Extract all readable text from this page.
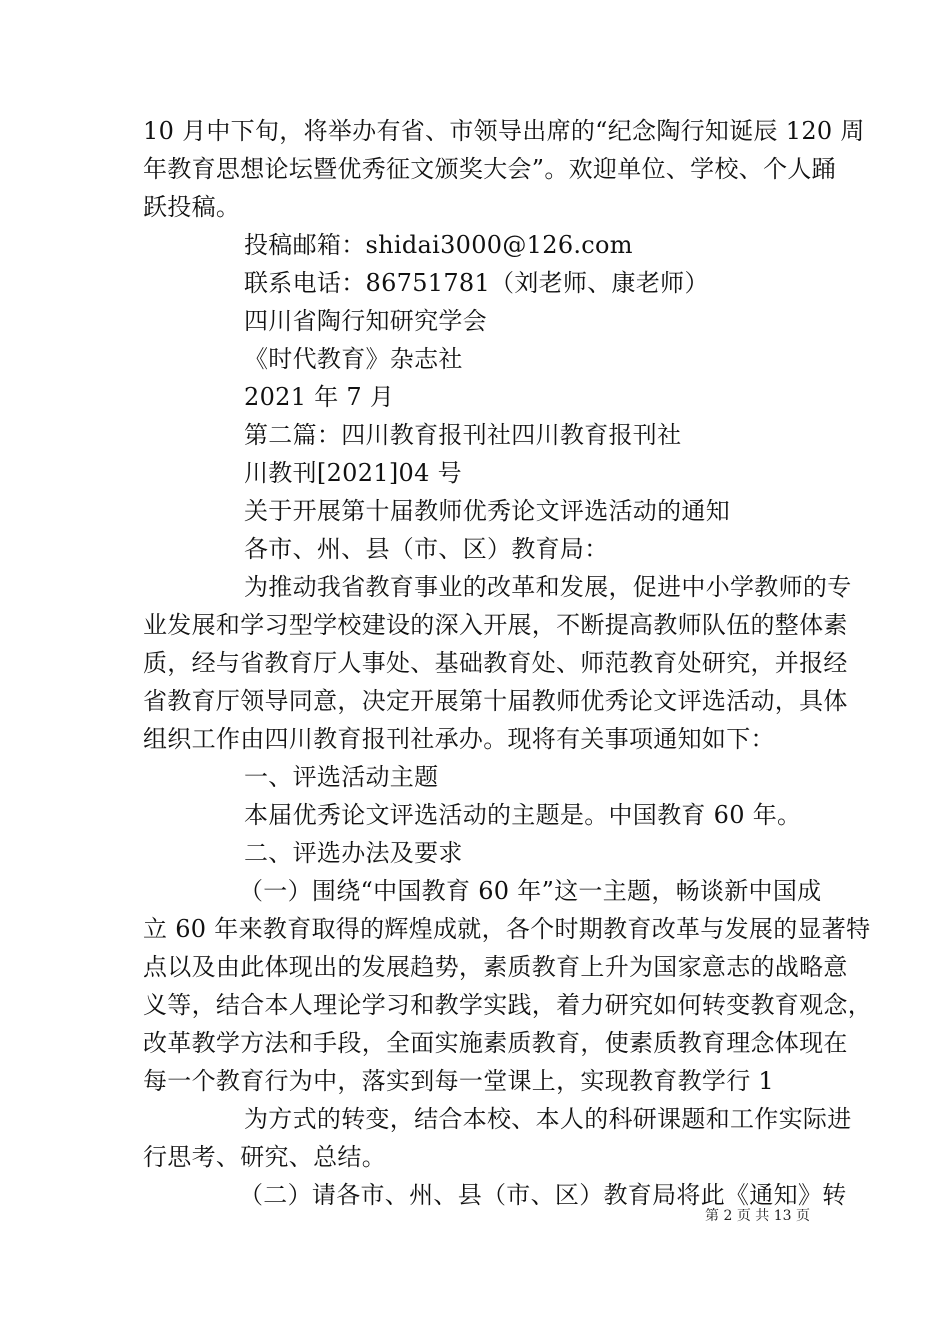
10 月中下旬，将举办有省、市领导出席的“纪念陶行知诞辰 120 周
年教育思想论坛暨优秀征文颁奖大会”。欢迎单位、学校、个人踊
跃投稿。
投稿邮箱：shidai3000@126.com
联系电话：86751781（刘老师、康老师）
四川省陶行知研究学会
《时代教育》杂志社
2021 年 7 月
第二篇：四川教育报刊社四川教育报刊社
川教刊[2021]04 号
关于开展第十届教师优秀论文评选活动的通知
各市、州、县（市、区）教育局：
为推动我省教育事业的改革和发展，促进中小学教师的专
业发展和学习型学校建设的深入开展，不断提高教师队伍的整体素
质，经与省教育厅人事处、基础教育处、师范教育处研究，并报经
省教育厅领导同意，决定开展第十届教师优秀论文评选活动，具体
组织工作由四川教育报刊社承办。现将有关事项通知如下：
一、评选活动主题
本届优秀论文评选活动的主题是。中国教育 60 年。
二、评选办法及要求
（一）围绕“中国教育 60 年”这一主题，畅谈新中国成
立 60 年来教育取得的辉煌成就，各个时期教育改革与发展的显著特
点以及由此体现出的发展趋势，素质教育上升为国家意志的战略意
义等，结合本人理论学习和教学实践，着力研究如何转变教育观念，
改革教学方法和手段，全面实施素质教育，使素质教育理念体现在
每一个教育行为中，落实到每一堂课上，实现教育教学行 1
为方式的转变，结合本校、本人的科研课题和工作实际进
行思考、研究、总结。
（二）请各市、州、县（市、区）教育局将此《通知》转
第 2 页 共 13 页
